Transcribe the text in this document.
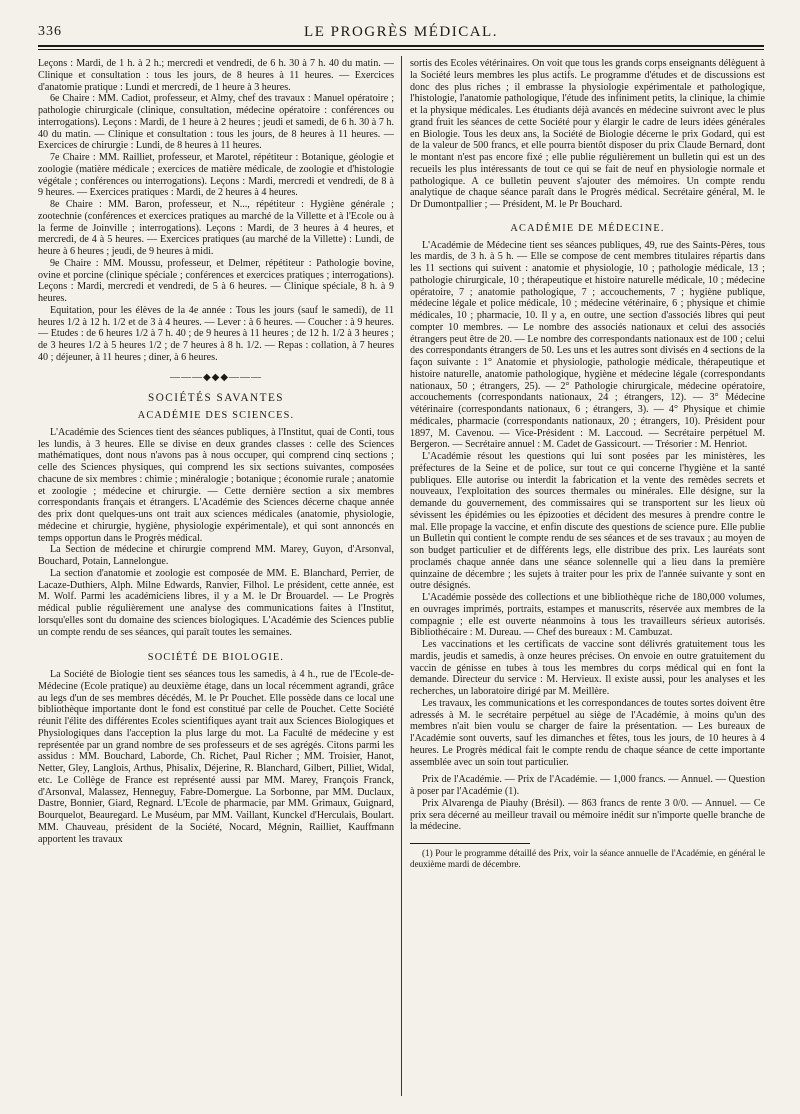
336	LE PROGRÈS MÉDICAL.

Leçons : Mardi, de 1 h. à 2 h.; mercredi et vendredi, de 6 h. 30 à 7 h. 40 du matin. — Clinique et consultation : tous les jours, de 8 heures à 11 heures. — Exercices d'anatomie pratique : Lundi et mercredi, de 1 heure à 3 heures.

6e Chaire : MM. Cadiot, professeur, et Almy, chef des travaux : Manuel opératoire ; pathologie chirurgicale (clinique, consultation, médecine opératoire : conférences ou interrogations). Leçons : Mardi, de 1 heure à 2 heures ; jeudi et samedi, de 6 h. 30 à 7 h. 40 du matin. — Clinique et consultation : tous les jours, de 8 heures à 11 heures. — Exercices de chirurgie : Lundi, de 8 heures à 11 heures.

7e Chaire : MM. Railliet, professeur, et Marotel, répétiteur : Botanique, géologie et zoologie (matière médicale ; exercices de matière médicale, de zoologie et d'histologie végétale ; conférences ou interrogations). Leçons : Mardi, mercredi et vendredi, de 8 à 9 heures. — Exercices pratiques : Mardi, de 2 heures à 4 heures.

8e Chaire : MM. Baron, professeur, et N..., répétiteur : Hygiène générale ; zootechnie (conférences et exercices pratiques au marché de la Villette et à l'Ecole ou à la ferme de Joinville ; interrogations). Leçons : Mardi, de 3 heures à 4 heures, et mercredi, de 4 à 5 heures. — Exercices pratiques (au marché de la Villette) : Lundi, de heure à 6 heures ; jeudi, de 9 heures à midi.

9e Chaire : MM. Moussu, professeur, et Delmer, répétiteur : Pathologie bovine, ovine et porcine (clinique spéciale ; conférences et exercices pratiques ; interrogations). Leçons : Mardi, mercredi et vendredi, de 5 à 6 heures. — Clinique spéciale, 8 h. à 9 heures.

Equitation, pour les élèves de la 4e année : Tous les jours (sauf le samedi), de 11 heures 1/2 à 12 h. 1/2 et de 3 à 4 heures. — Lever : à 6 heures. — Coucher : à 9 heures. — Etudes : de 6 heures 1/2 à 7 h. 40 ; de 9 heures à 11 heures ; de 12 h. 1/2 à 3 heures ; de 3 heures 1/2 à 5 heures 1/2 ; de 7 heures à 8 h. 1/2. — Repas : collation, à 7 heures 40 ; déjeuner, à 11 heures ; diner, à 6 heures.

———◆◆◆———
SOCIÉTÉS SAVANTES
ACADÉMIE DES SCIENCES.

L'Académie des Sciences tient des séances publiques, à l'Institut, quai de Conti, tous les lundis, à 3 heures. Elle se divise en deux grandes classes : celle des Sciences mathématiques, dont nous n'avons pas à nous occuper, qui comprend cinq sections ; celle des Sciences physiques, qui comprend les six sections suivantes, composées chacune de six membres : chimie ; minéralogie ; botanique ; économie rurale ; anatomie et zoologie ; médecine et chirurgie. — Cette dernière section a six membres correspondants français et étrangers. L'Académie des Sciences décerne chaque année des prix dont quelques-uns ont trait aux sciences médicales (anatomie, physiologie, médecine et chirurgie, hygiène, physiologie expérimentale), et qui sont annoncés en temps opportun dans le Progrès médical.

La Section de médecine et chirurgie comprend MM. Marey, Guyon, d'Arsonval, Bouchard, Potain, Lannelongue.

La section d'anatomie et zoologie est composée de MM. E. Blanchard, Perrier, de Lacaze-Duthiers, Alph. Milne Edwards, Ranvier, Filhol. Le président, cette année, est M. Wolf. Parmi les académiciens libres, il y a M. le Dr Brouardel. — Le Progrès médical publie régulièrement une analyse des communications faites à l'Institut, lorsqu'elles sont du domaine des sciences biologiques. L'Académie des Sciences publie un compte rendu de ses séances, qui paraît toutes les semaines.

SOCIÉTÉ DE BIOLOGIE.

La Société de Biologie tient ses séances tous les samedis, à 4 h., rue de l'Ecole-de-Médecine (Ecole pratique) au deuxième étage, dans un local récemment agrandi, grâce au legs d'un de ses membres décédés, M. le Pr Pouchet. Elle possède dans ce local une bibliothèque importante dont le fond est constitué par celle de Pouchet. Cette Société réunit l'élite des différentes Ecoles scientifiques ayant trait aux Sciences Biologiques et Physiologiques dans l'acception la plus large du mot. La Faculté de médecine y est représentée par un grand nombre de ses professeurs et de ses agrégés. Citons parmi les assidus : MM. Bouchard, Laborde, Ch. Richet, Paul Richer ; MM. Troisier, Hanot, Netter, Gley, Langlois, Arthus, Phisalix, Déjerine, R. Blanchard, Gilbert, Pilliet, Widal, etc. Le Collège de France est représenté aussi par MM. Marey, François Franck, d'Arsonval, Malassez, Henneguy, Fabre-Domergue. La Sorbonne, par MM. Duclaux, Dastre, Bonnier, Giard, Regnard. L'Ecole de pharmacie, par MM. Grimaux, Guignard, Bourquelot, Beauregard. Le Muséum, par MM. Vaillant, Kunckel d'Herculais, Boulart. MM. Chauveau, président de la Société, Nocard, Mégnin, Railliet, Kauffmann apportent les travaux

sortis des Ecoles vétérinaires. On voit que tous les grands corps enseignants délèguent à la Société leurs membres les plus actifs. Le programme d'études et de discussions est donc des plus riches ; il embrasse la physiologie expérimentale et pathologique, l'histologie, l'anatomie pathologique, l'étude des infiniment petits, la clinique, la chimie et la physique médicales. Les étudiants déjà avancés en médecine suivront avec le plus grand fruit les séances de cette Société pour y élargir le cadre de leurs idées générales en Biologie. Tous les deux ans, la Société de Biologie décerne le prix Godard, qui est de la valeur de 500 francs, et elle pourra bientôt disposer du prix Claude Bernard, dont le montant n'est pas encore fixé ; elle publie régulièrement un bulletin qui est un des recueils les plus intéressants de tout ce qui se fait de neuf en physiologie normale et pathologique. A ce bulletin peuvent s'ajouter des mémoires. Un compte rendu analytique de chaque séance paraît dans le Progrès médical. Secrétaire général, M. le Dr Dumontpallier ; — Président, M. le Pr Bouchard.

ACADÉMIE DE MÉDECINE.

L'Académie de Médecine tient ses séances publiques, 49, rue des Saints-Pères, tous les mardis, de 3 h. à 5 h. — Elle se compose de cent membres titulaires répartis dans les 11 sections qui suivent : anatomie et physiologie, 10 ; pathologie médicale, 13 ; pathologie chirurgicale, 10 ; thérapeutique et histoire naturelle médicale, 10 ; médecine opératoire, 7 ; anatomie pathologique, 7 ; accouchements, 7 ; hygiène publique, médecine légale et police médicale, 10 ; médecine vétérinaire, 6 ; physique et chimie médicales, 10 ; pharmacie, 10. Il y a, en outre, une section d'associés libres qui peut compter 10 membres. — Le nombre des associés nationaux et celui des associés étrangers peut être de 20. — Le nombre des correspondants nationaux est de 100 ; celui des correspondants étrangers de 50. Les uns et les autres sont divisés en 4 sections de la façon suivante : 1° Anatomie et physiologie, pathologie médicale, thérapeutique et histoire naturelle, anatomie pathologique, hygiène et médecine légale (correspondants nationaux, 50 ; étrangers, 25). — 2° Pathologie chirurgicale, médecine opératoire, accouchements (correspondants nationaux, 24 ; étrangers, 12). — 3° Médecine vétérinaire (correspondants nationaux, 6 ; étrangers, 3). — 4° Physique et chimie médicales, pharmacie (correspondants nationaux, 20 ; étrangers, 10). Président pour 1897, M. Cavenou. — Vice-Président : M. Laccoud. — Secrétaire perpétuel M. Bergeron. — Secrétaire annuel : M. Cadet de Gassicourt. — Trésorier : M. Henriot.

L'Académie résout les questions qui lui sont posées par les ministères, les préfectures de la Seine et de police, sur tout ce qui concerne l'hygiène et la santé publiques. Elle autorise ou interdit la fabrication et la vente des remèdes secrets et nouveaux, l'exploitation des sources thermales ou minérales. Elle désigne, sur la demande du gouvernement, des commissaires qui se transportent sur les lieux où sévissent les épidémies ou les épizooties et décident des mesures à prendre contre le mal. Elle propage la vaccine, et enfin discute des questions de science pure. Elle publie un Bulletin qui contient le compte rendu de ses séances et de ses travaux ; au moyen de son budget particulier et de différents legs, elle distribue des prix. Les lauréats sont proclamés chaque année dans une séance solennelle qui a lieu dans la première quinzaine de décembre ; les sujets à traiter pour les prix de l'année suivante y sont en outre désignés.

L'Académie possède des collections et une bibliothèque riche de 180,000 volumes, en ouvrages imprimés, portraits, estampes et manuscrits, réservée aux membres de la compagnie ; elle est ouverte néanmoins à tous les travailleurs sérieux autorisés. Bibliothécaire : M. Dureau. — Chef des bureaux : M. Cambuzat.

Les vaccinations et les certificats de vaccine sont délivrés gratuitement tous les mardis, jeudis et samedis, à onze heures précises. On envoie en outre gratuitement du vaccin de génisse en tubes à tous les membres du corps médical qui en font la demande. Directeur du service : M. Hervieux. Il existe aussi, pour les analyses et les recherches, un laboratoire dirigé par M. Meillère.

Les travaux, les communications et les correspondances de toutes sortes doivent être adressés à M. le secrétaire perpétuel au siège de l'Académie, à moins qu'un des membres n'ait bien voulu se charger de faire la présentation. — Les bureaux de l'Académie sont ouverts, sauf les dimanches et fêtes, tous les jours, de 10 heures à 4 heures. Le Progrès médical fait le compte rendu de chaque séance de cette importante assemblée avec un soin tout particulier.

Prix de l'Académie. — Prix de l'Académie. — 1,000 francs. — Annuel. — Question à poser par l'Académie (1).

Prix Alvarenga de Piauhy (Brésil). — 863 francs de rente 3 0/0. — Annuel. — Ce prix sera décerné au meilleur travail ou mémoire inédit sur n'importe quelle branche de la médecine.

(1) Pour le programme détaillé des Prix, voir la séance annuelle de l'Académie, en général le deuxième mardi de décembre.
